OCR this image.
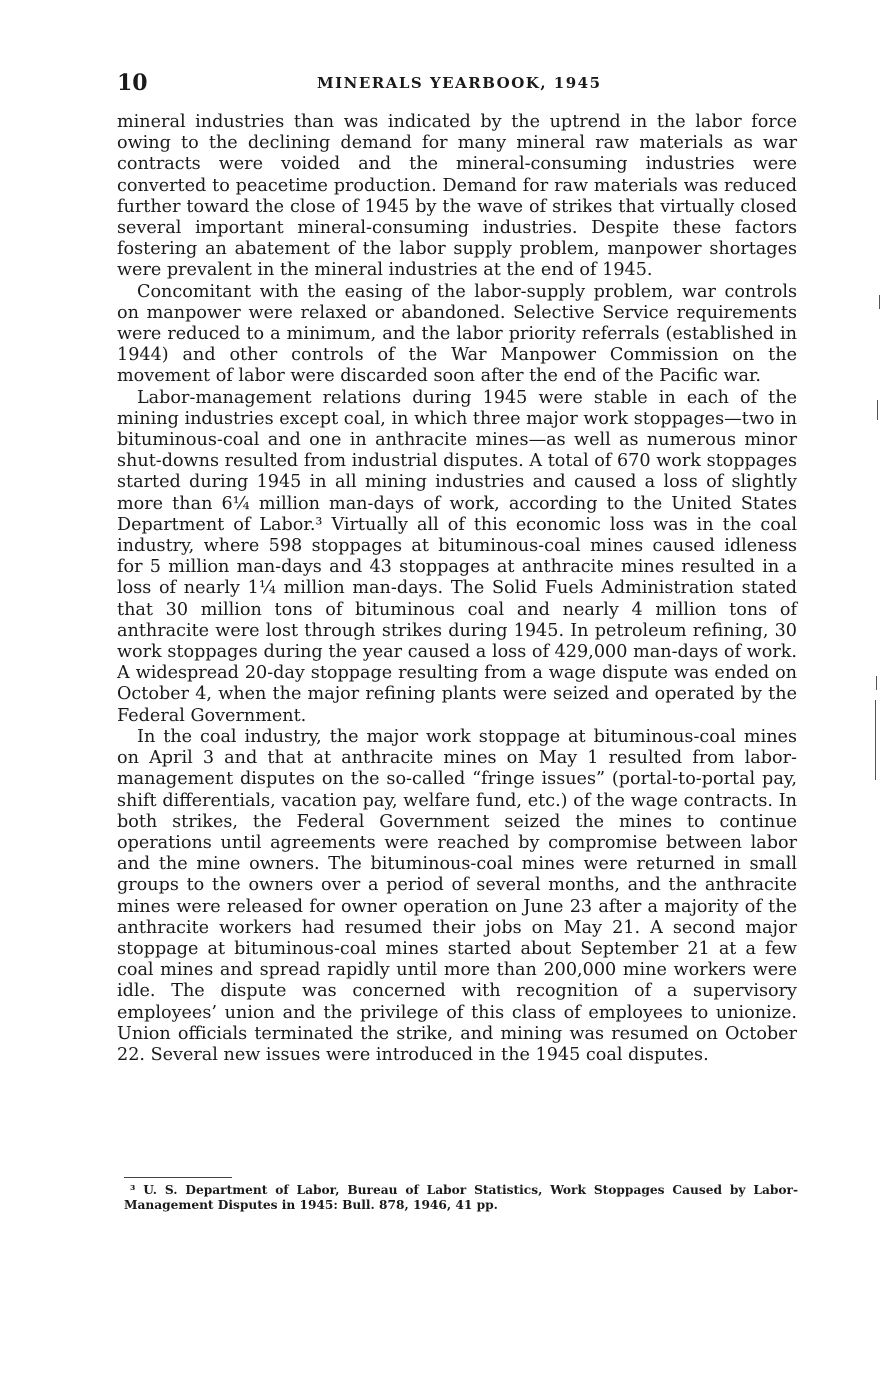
10	MINERALS YEARBOOK, 1945

mineral industries than was indicated by the uptrend in the labor force owing to the declining demand for many mineral raw materials as war contracts were voided and the mineral-consuming industries were converted to peacetime production. Demand for raw materials was reduced further toward the close of 1945 by the wave of strikes that virtually closed several important mineral-consuming industries. Despite these factors fostering an abatement of the labor supply problem, manpower shortages were prevalent in the mineral industries at the end of 1945.

Concomitant with the easing of the labor-supply problem, war controls on manpower were relaxed or abandoned. Selective Service requirements were reduced to a minimum, and the labor priority referrals (established in 1944) and other controls of the War Manpower Commission on the movement of labor were discarded soon after the end of the Pacific war.

Labor-management relations during 1945 were stable in each of the mining industries except coal, in which three major work stoppages—two in bituminous-coal and one in anthracite mines—as well as numerous minor shut-downs resulted from industrial disputes. A total of 670 work stoppages started during 1945 in all mining industries and caused a loss of slightly more than 6¼ million man-days of work, according to the United States Department of Labor.³ Virtually all of this economic loss was in the coal industry, where 598 stoppages at bituminous-coal mines caused idleness for 5 million man-days and 43 stoppages at anthracite mines resulted in a loss of nearly 1¼ million man-days. The Solid Fuels Administration stated that 30 million tons of bituminous coal and nearly 4 million tons of anthracite were lost through strikes during 1945. In petroleum refining, 30 work stoppages during the year caused a loss of 429,000 man-days of work. A widespread 20-day stoppage resulting from a wage dispute was ended on October 4, when the major refining plants were seized and operated by the Federal Government.

In the coal industry, the major work stoppage at bituminous-coal mines on April 3 and that at anthracite mines on May 1 resulted from labor-management disputes on the so-called “fringe issues” (portal-to-portal pay, shift differentials, vacation pay, welfare fund, etc.) of the wage contracts. In both strikes, the Federal Government seized the mines to continue operations until agreements were reached by compromise between labor and the mine owners. The bituminous-coal mines were returned in small groups to the owners over a period of several months, and the anthracite mines were released for owner operation on June 23 after a majority of the anthracite workers had resumed their jobs on May 21. A second major stoppage at bituminous-coal mines started about September 21 at a few coal mines and spread rapidly until more than 200,000 mine workers were idle. The dispute was concerned with recognition of a supervisory employees’ union and the privilege of this class of employees to unionize. Union officials terminated the strike, and mining was resumed on October 22. Several new issues were introduced in the 1945 coal disputes.

³ U. S. Department of Labor, Bureau of Labor Statistics, Work Stoppages Caused by Labor-Management Disputes in 1945: Bull. 878, 1946, 41 pp.
